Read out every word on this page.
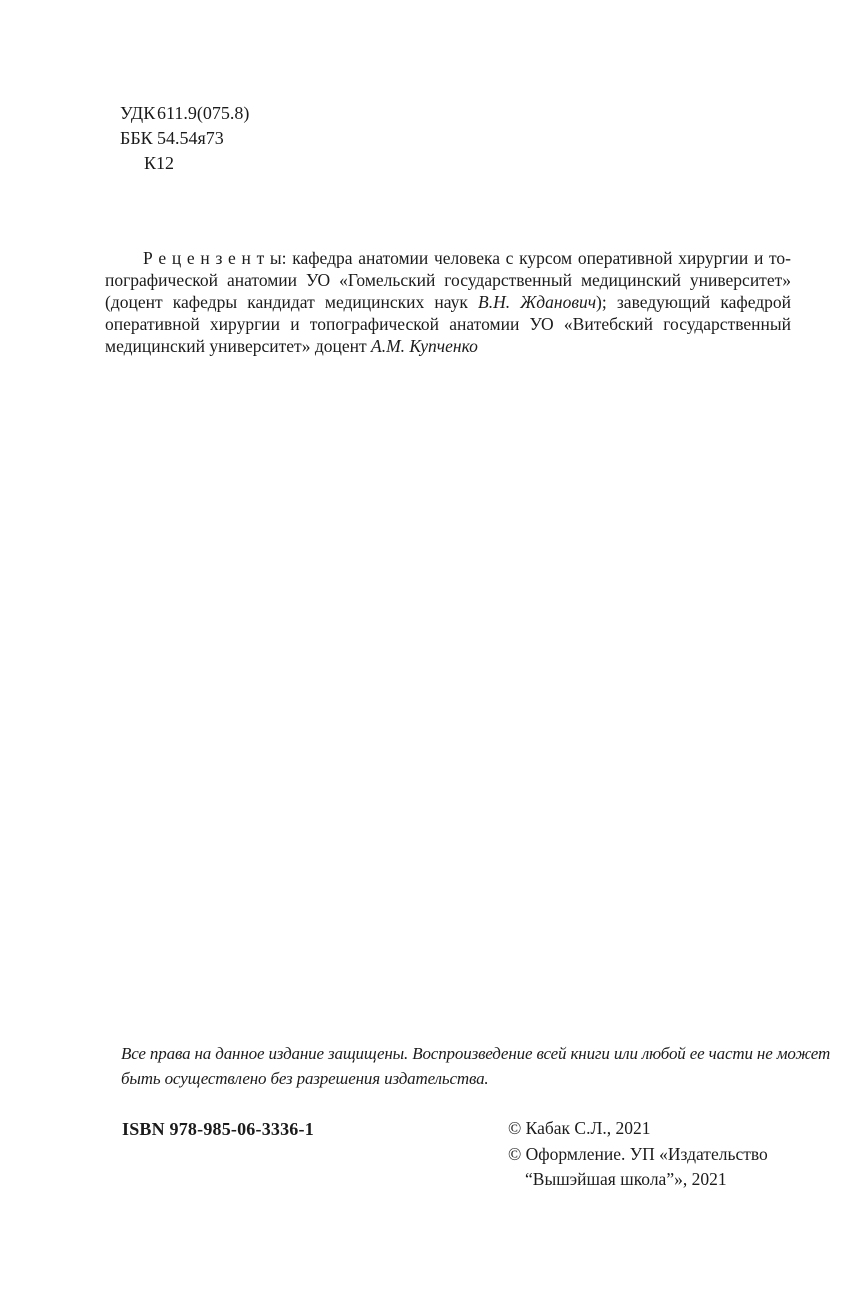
УДК611.9(075.8)
ББК 54.54я73
К12
Р е ц е н з е н т ы: кафедра анатомии человека с курсом оперативной хирургии и то-
пографической анатомии УО «Гомельский государственный медицинский университет»
(доцент кафедры кандидат медицинских наук В.Н. Жданович); заведующий кафедрой
оперативной хирургии и топографической анатомии УО «Витебский государственный
медицинский университет» доцент А.М. Купченко
Все права на данное издание защищены. Воспроизведение всей книги или любой ее части не может
быть осуществлено без разрешения издательства.
ISBN 978-985-06-3336-1	© Кабак С.Л., 2021
© Оформление. УП «Издательство
“Вышэйшая школа”», 2021
